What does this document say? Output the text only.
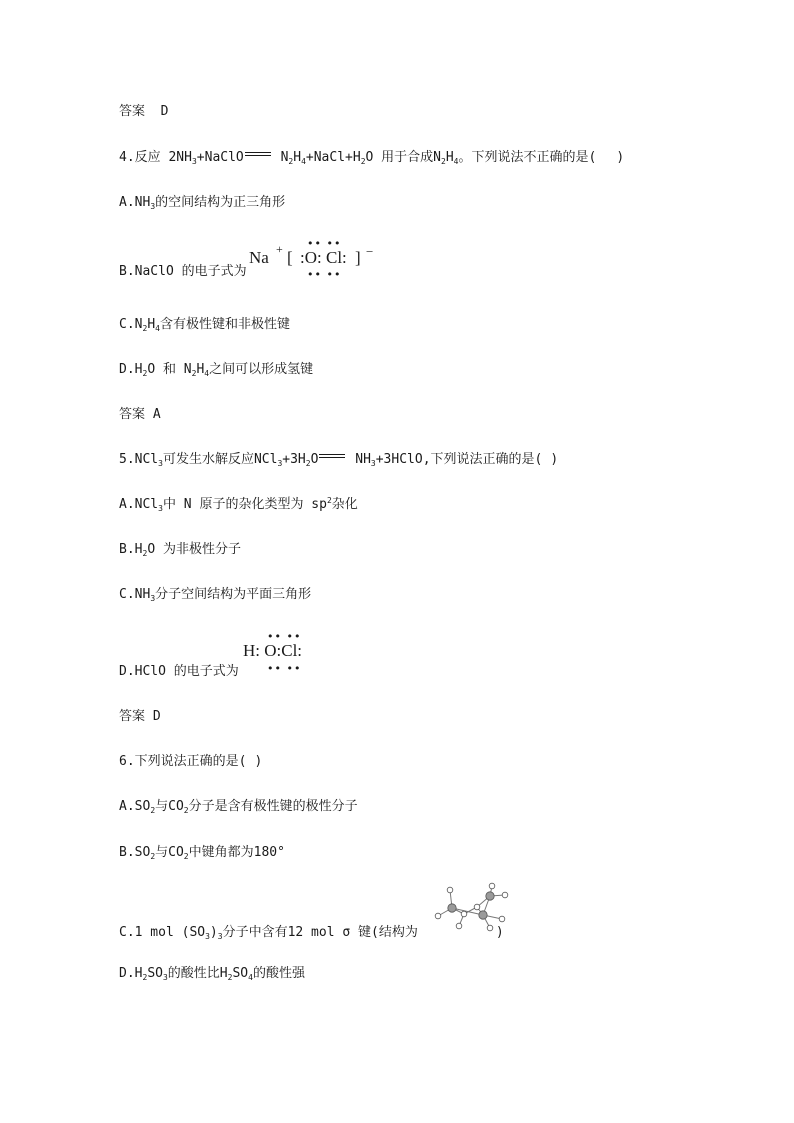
答案 D
4.反应 $2NH_3+NaClO$ $N_2H_4+NaCl+H_2O$ 用于合成$N_2H_4$。下列说法不正确的是( )
$A.NH_3$的空间结构为正三角形
B.NaClO 的电子式为
Na + [ :O: Cl: ] −
•• ••
•• ••
$C.N_2H_4$含有极性键和非极性键
$D.H_2O$ 和 $N_2H_4$之间可以形成氢键
答案 A
5.NCl$_3$可发生水解反应$NCl_3+3H_2O$ $NH_3+3HClO$,下列说法正确的是( )
A.NCl$_3$中 N 原子的杂化类型为 $sp^2$杂化
$B.H_2O$ 为非极性分子
$C.NH_3$分子空间结构为平面三角形
D.HClO 的电子式为
H: O:Cl:
•• ••
•• ••
答案 D
6.下列说法正确的是( )
$A.SO_2$与$CO_2$分子是含有极性键的极性分子
$B.SO_2$与$CO_2$中键角都为180°
C.1 mol $(SO_3)_3$分子中含有12 mol σ 键(结构为	)
$D.H_2SO_3$的酸性比$H_2SO_4$的酸性强
